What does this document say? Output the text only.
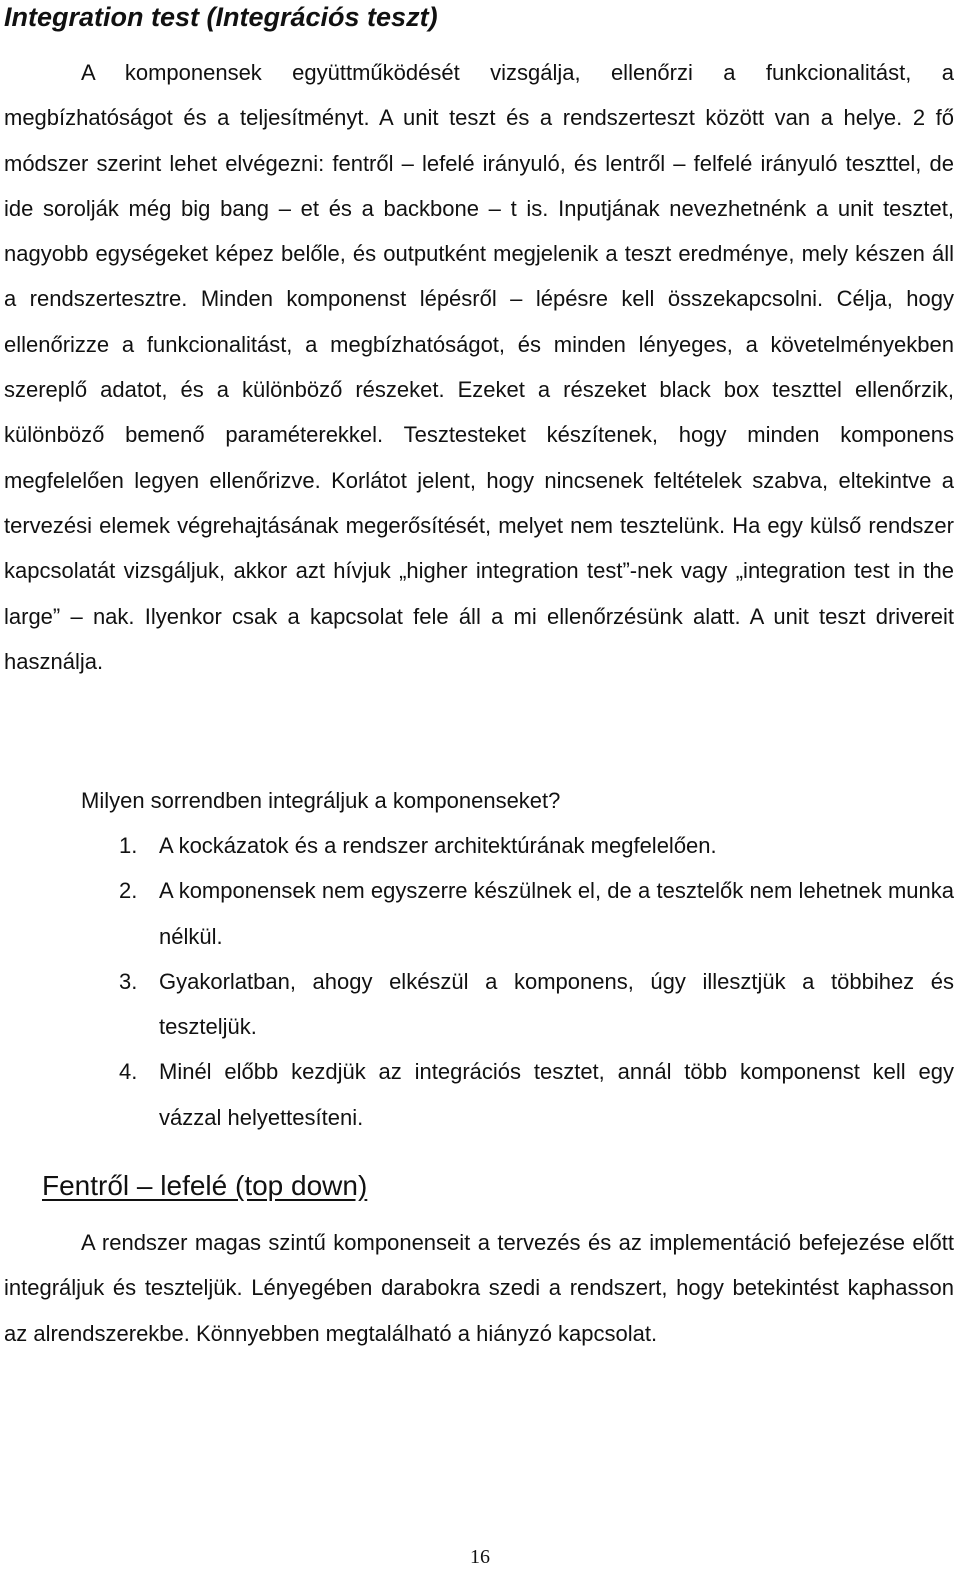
Integration test (Integrációs teszt)

A komponensek együttműködését vizsgálja, ellenőrzi a funkcionalitást, a megbízhatóságot és a teljesítményt. A unit teszt és a rendszerteszt között van a helye. 2 fő módszer szerint lehet elvégezni: fentről – lefelé irányuló, és lentről – felfelé irányuló teszttel, de ide sorolják még big bang – et és a backbone – t is. Inputjának nevezhetnénk a unit tesztet, nagyobb egységeket képez belőle, és outputként megjelenik a teszt eredménye, mely készen áll a rendszertesztre. Minden komponenst lépésről – lépésre kell összekapcsolni. Célja, hogy ellenőrizze a funkcionalitást, a megbízhatóságot, és minden lényeges, a követelményekben szereplő adatot, és a különböző részeket. Ezeket a részeket black box teszttel ellenőrzik, különböző bemenő paraméterekkel. Tesztesteket készítenek, hogy minden komponens megfelelően legyen ellenőrizve. Korlátot jelent, hogy nincsenek feltételek szabva, eltekintve a tervezési elemek végrehajtásának megerősítését, melyet nem tesztelünk. Ha egy külső rendszer kapcsolatát vizsgáljuk, akkor azt hívjuk „higher integration test”-nek vagy „integration test in the large” – nak. Ilyenkor csak a kapcsolat fele áll a mi ellenőrzésünk alatt. A unit teszt drivereit használja.

Milyen sorrendben integráljuk a komponenseket?

1. A kockázatok és a rendszer architektúrának megfelelően.
2. A komponensek nem egyszerre készülnek el, de a tesztelők nem lehetnek munka nélkül.
3. Gyakorlatban, ahogy elkészül a komponens, úgy illesztjük a többihez és teszteljük.
4. Minél előbb kezdjük az integrációs tesztet, annál több komponenst kell egy vázzal helyettesíteni.
Fentről – lefelé (top down)

A rendszer magas szintű komponenseit a tervezés és az implementáció befejezése előtt integráljuk és teszteljük. Lényegében darabokra szedi a rendszert, hogy betekintést kaphasson az alrendszerekbe. Könnyebben megtalálható a hiányzó kapcsolat.

16
